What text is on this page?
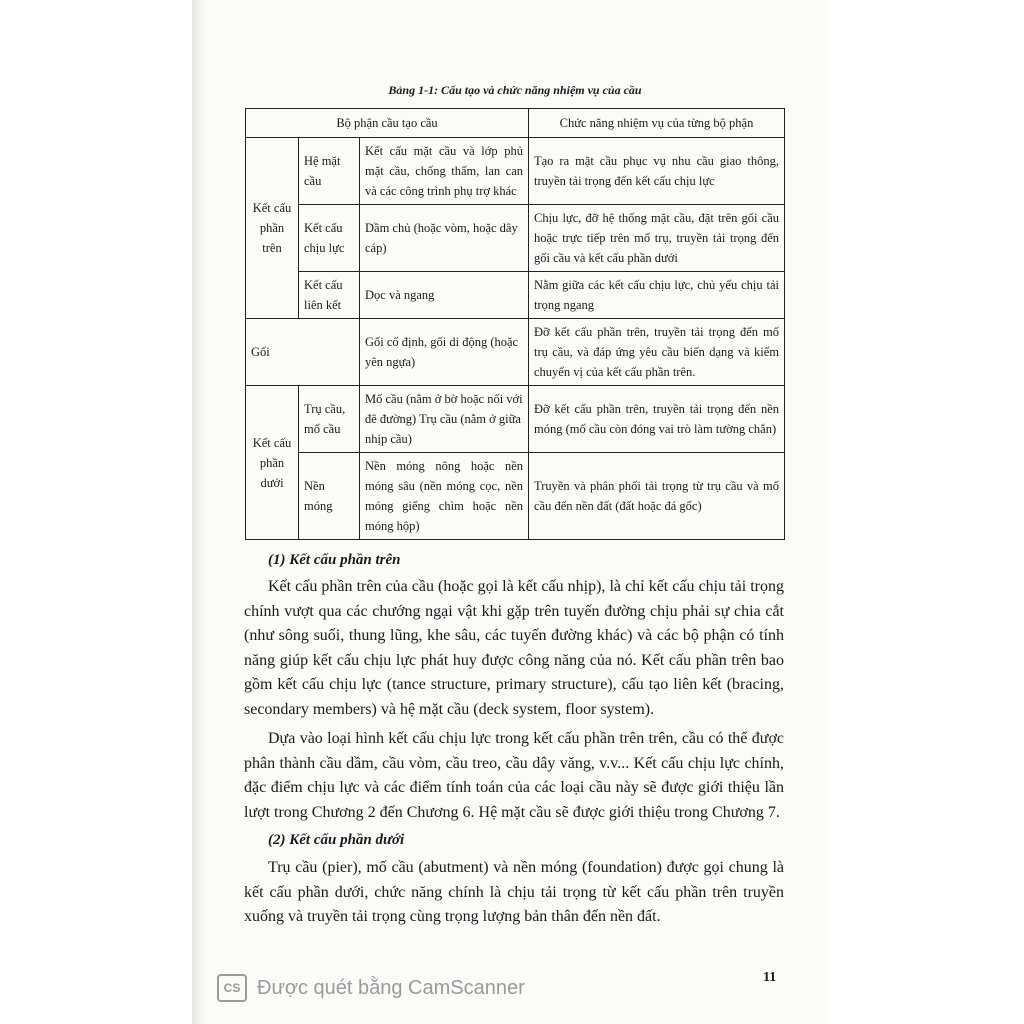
Bảng 1-1: Cấu tạo và chức năng nhiệm vụ của cầu
Bộ phận cầu tạo cầu			Chức năng nhiệm vụ của từng bộ phận
Kết cấu phần trên	Hệ mặt cầu	Kết cấu mặt cầu và lớp phủ mặt cầu, chống thấm, lan can và các công trình phụ trợ khác	Tạo ra mặt cầu phục vụ nhu cầu giao thông, truyền tải trọng đến kết cấu chịu lực
	Kết cấu chịu lực	Dầm chủ (hoặc vòm, hoặc dây cáp)	Chịu lực, đỡ hệ thống mặt cầu, đặt trên gối cầu hoặc trực tiếp trên mố trụ, truyền tải trọng đến gối cầu và kết cấu phần dưới
	Kết cấu liên kết	Dọc và ngang	Nằm giữa các kết cấu chịu lực, chủ yếu chịu tải trọng ngang
Gối		Gối cố định, gối di động (hoặc yên ngựa)	Đỡ kết cấu phần trên, truyền tải trọng đến mố trụ cầu, và đáp ứng yêu cầu biến dạng và kiểm chuyển vị của kết cấu phần trên.
Kết cấu phần dưới	Trụ cầu, mố cầu	Mố cầu (nằm ở bờ hoặc nối với đê đường) Trụ cầu (nằm ở giữa nhịp cầu)	Đỡ kết cấu phần trên, truyền tải trọng đến nền móng (mố cầu còn đóng vai trò làm tường chắn)
	Nền móng	Nền móng nông hoặc nền móng sâu (nền móng cọc, nền móng giếng chìm hoặc nền móng hộp)	Truyền và phân phối tải trọng từ trụ cầu và mố cầu đến nền đất (đất hoặc đá gốc)
(1) Kết cấu phần trên
Kết cấu phần trên của cầu (hoặc gọi là kết cấu nhịp), là chỉ kết cấu chịu tải trọng chính vượt qua các chướng ngại vật khi gặp trên tuyến đường chịu phải sự chia cắt (như sông suối, thung lũng, khe sâu, các tuyến đường khác) và các bộ phận có tính năng giúp kết cấu chịu lực phát huy được công năng của nó. Kết cấu phần trên bao gồm kết cấu chịu lực (tance structure, primary structure), cấu tạo liên kết (bracing, secondary members) và hệ mặt cầu (deck system, floor system).
Dựa vào loại hình kết cấu chịu lực trong kết cấu phần trên trên, cầu có thể được phân thành cầu dầm, cầu vòm, cầu treo, cầu dây văng, v.v... Kết cấu chịu lực chính, đặc điểm chịu lực và các điểm tính toán của các loại cầu này sẽ được giới thiệu lần lượt trong Chương 2 đến Chương 6. Hệ mặt cầu sẽ được giới thiệu trong Chương 7.
(2) Kết cấu phần dưới
Trụ cầu (pier), mố cầu (abutment) và nền móng (foundation) được gọi chung là kết cấu phần dưới, chức năng chính là chịu tải trọng từ kết cấu phần trên truyền xuống và truyền tải trọng cùng trọng lượng bản thân đến nền đất.
11
CS Được quét bằng CamScanner
